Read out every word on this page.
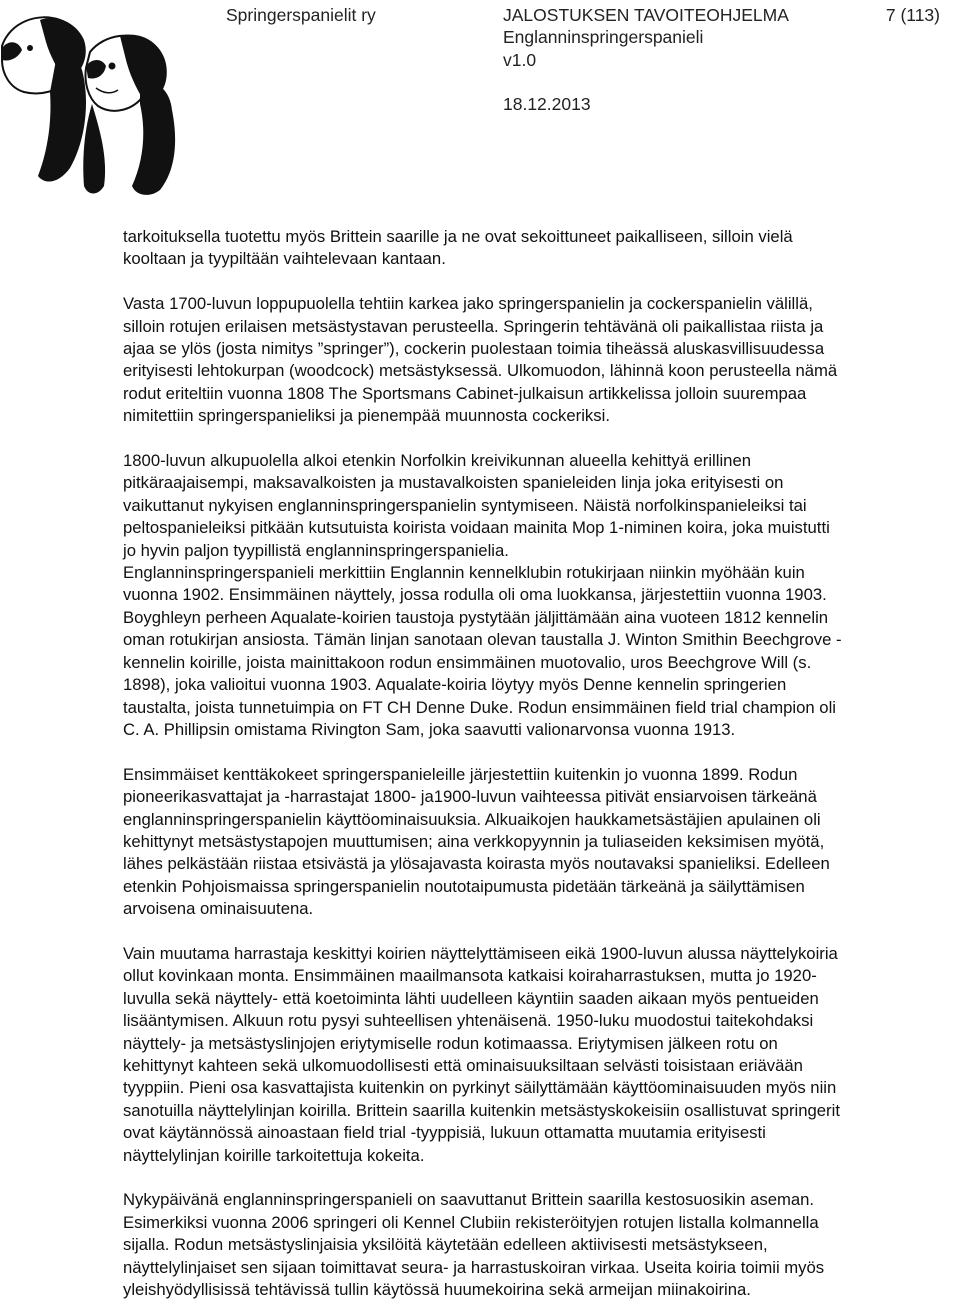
Springerspanielit ry	JALOSTUKSEN TAVOITEOHJELMA
Englanninspringerspanieli
v1.0
18.12.2013
7 (113)

tarkoituksella tuotettu myös Brittein saarille ja ne ovat sekoittuneet paikalliseen, silloin vielä
kooltaan ja tyypiltään vaihtelevaan kantaan.

Vasta 1700-luvun loppupuolella tehtiin karkea jako springerspanielin ja cockerspanielin välillä,
silloin rotujen erilaisen metsästystavan perusteella. Springerin tehtävänä oli paikallistaa riista ja
ajaa se ylös (josta nimitys ”springer”), cockerin puolestaan toimia tiheässä aluskasvillisuudessa
erityisesti lehtokurpan (woodcock) metsästyksessä. Ulkomuodon, lähinnä koon perusteella nämä
rodut eriteltiin vuonna 1808 The Sportsmans Cabinet-julkaisun artikkelissa jolloin suurempaa
nimitettiin springerspanieliksi ja pienempää muunnosta cockeriksi.

1800-luvun alkupuolella alkoi etenkin Norfolkin kreivikunnan alueella kehittyä erillinen
pitkäraajaisempi, maksavalkoisten ja mustavalkoisten spanieleiden linja joka erityisesti on
vaikuttanut nykyisen englanninspringerspanielin syntymiseen. Näistä norfolkinspanieleiksi tai
peltospanieleiksi pitkään kutsutuista koirista voidaan mainita Mop 1-niminen koira, joka muistutti
jo hyvin paljon tyypillistä englanninspringerspanielia.
Englanninspringerspanieli merkittiin Englannin kennelklubin rotukirjaan niinkin myöhään kuin
vuonna 1902. Ensimmäinen näyttely, jossa rodulla oli oma luokkansa, järjestettiin vuonna 1903.
Boyghleyn perheen Aqualate-koirien taustoja pystytään jäljittämään aina vuoteen 1812 kennelin
oman rotukirjan ansiosta. Tämän linjan sanotaan olevan taustalla J. Winton Smithin Beechgrove -
kennelin koirille, joista mainittakoon rodun ensimmäinen muotovalio, uros Beechgrove Will (s.
1898), joka valioitui vuonna 1903. Aqualate-koiria löytyy myös Denne kennelin springerien
taustalta, joista tunnetuimpia on FT CH Denne Duke. Rodun ensimmäinen field trial champion oli
C. A. Phillipsin omistama Rivington Sam, joka saavutti valionarvonsa vuonna 1913.

Ensimmäiset kenttäkokeet springerspanieleille järjestettiin kuitenkin jo vuonna 1899. Rodun
pioneerikasvattajat ja -harrastajat 1800- ja1900-luvun vaihteessa pitivät ensiarvoisen tärkeänä
englanninspringerspanielin käyttöominaisuuksia. Alkuaikojen haukkametsästäjien apulainen oli
kehittynyt metsästystapojen muuttumisen; aina verkkopyynnin ja tuliaseiden keksimisen myötä,
lähes pelkästään riistaa etsivästä ja ylösajavasta koirasta myös noutavaksi spanieliksi. Edelleen
etenkin Pohjoismaissa springerspanielin noutotaipumusta pidetään tärkeänä ja säilyttämisen
arvoisena ominaisuutena.

Vain muutama harrastaja keskittyi koirien näyttelyttämiseen eikä 1900-luvun alussa näyttelykoiria
ollut kovinkaan monta. Ensimmäinen maailmansota katkaisi koiraharrastuksen, mutta jo 1920-
luvulla sekä näyttely- että koetoiminta lähti uudelleen käyntiin saaden aikaan myös pentueiden
lisääntymisen. Alkuun rotu pysyi suhteellisen yhtenäisenä. 1950-luku muodostui taitekohdaksi
näyttely- ja metsästyslinjojen eriytymiselle rodun kotimaassa. Eriytymisen jälkeen rotu on
kehittynyt kahteen sekä ulkomuodollisesti että ominaisuuksiltaan selvästi toisistaan eriävään
tyyppiin. Pieni osa kasvattajista kuitenkin on pyrkinyt säilyttämään käyttöominaisuuden myös niin
sanotuilla näyttelylinjan koirilla. Brittein saarilla kuitenkin metsästyskokeisiin osallistuvat springerit
ovat käytännössä ainoastaan field trial -tyyppisiä, lukuun ottamatta muutamia erityisesti
näyttelylinjan koirille tarkoitettuja kokeita.

Nykypäivänä englanninspringerspanieli on saavuttanut Brittein saarilla kestosuosikin aseman.
Esimerkiksi vuonna 2006 springeri oli Kennel Clubiin rekisteröityjen rotujen listalla kolmannella
sijalla. Rodun metsästyslinjaisia yksilöitä käytetään edelleen aktiivisesti metsästykseen,
näyttelylinjaiset sen sijaan toimittavat seura- ja harrastuskoiran virkaa. Useita koiria toimii myös
yleishyödyllisissä tehtävissä tullin käytössä huumekoirina sekä armeijan miinakoirina.
